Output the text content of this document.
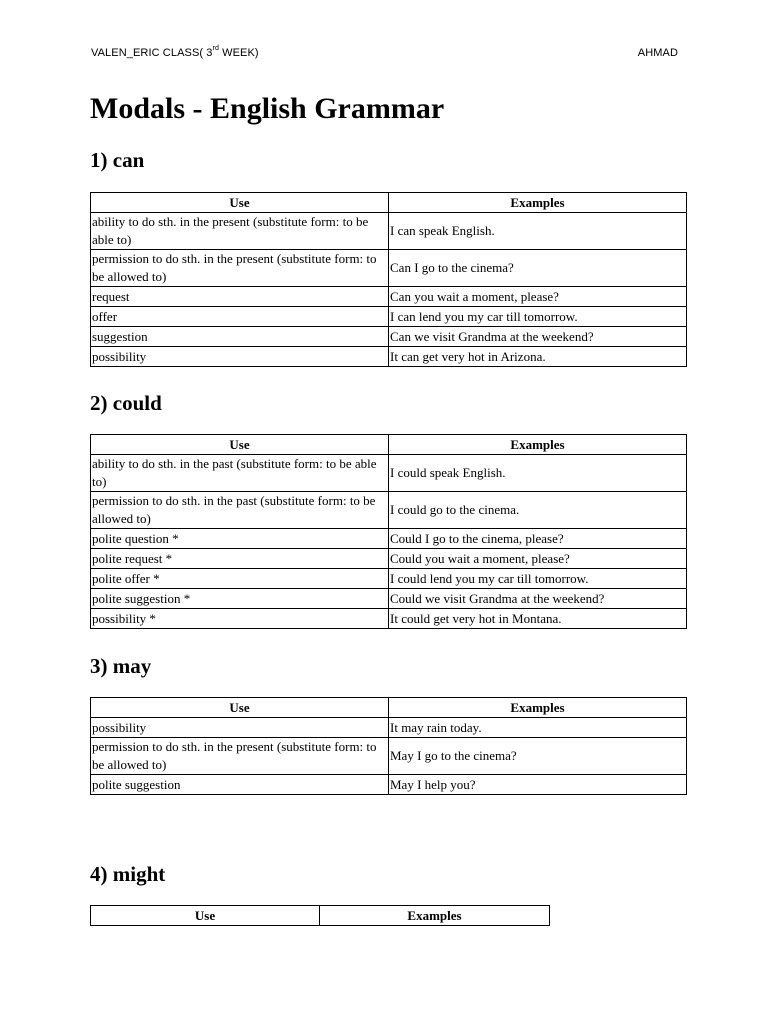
VALEN_ERIC CLASS( 3rd WEEK)	AHMAD
Modals - English Grammar
1) can
Use	Examples
ability to do sth. in the present (substitute form: to be able to)	I can speak English.
permission to do sth. in the present (substitute form: to be allowed to)	Can I go to the cinema?
request	Can you wait a moment, please?
offer	I can lend you my car till tomorrow.
suggestion	Can we visit Grandma at the weekend?
possibility	It can get very hot in Arizona.
2) could
Use	Examples
ability to do sth. in the past (substitute form: to be able to)	I could speak English.
permission to do sth. in the past (substitute form: to be allowed to)	I could go to the cinema.
polite question *	Could I go to the cinema, please?
polite request *	Could you wait a moment, please?
polite offer *	I could lend you my car till tomorrow.
polite suggestion *	Could we visit Grandma at the weekend?
possibility *	It could get very hot in Montana.
3) may
Use	Examples
possibility	It may rain today.
permission to do sth. in the present (substitute form: to be allowed to)	May I go to the cinema?
polite suggestion	May I help you?
4) might
Use	Examples
